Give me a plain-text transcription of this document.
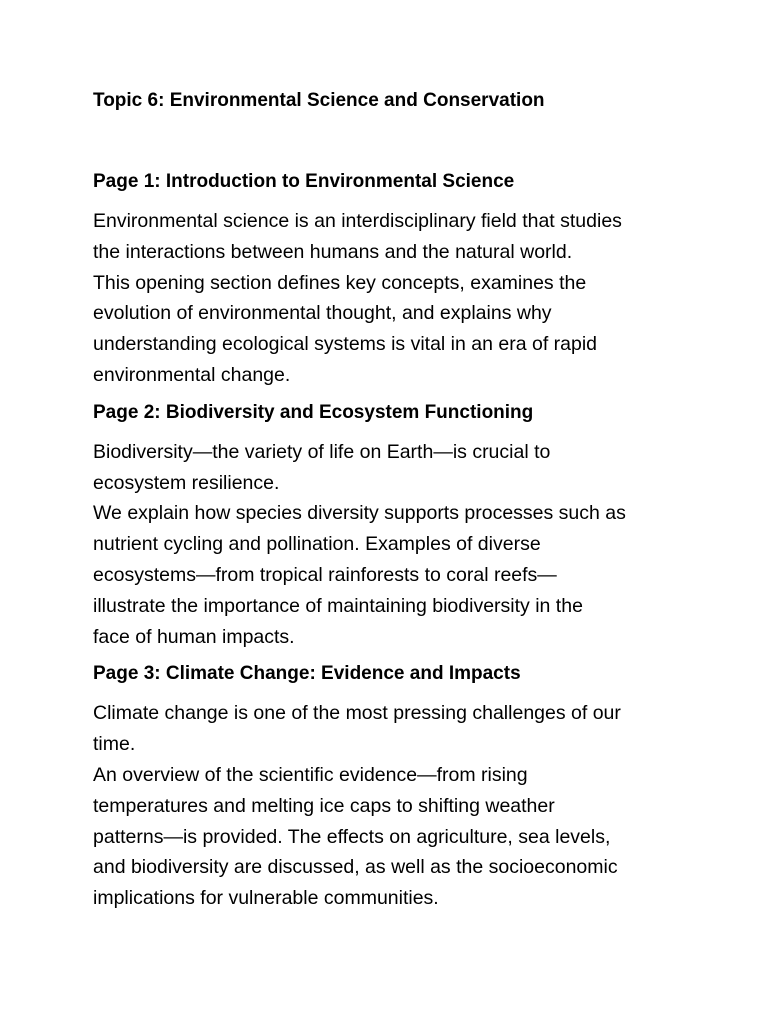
Topic 6: Environmental Science and Conservation
Page 1: Introduction to Environmental Science
Environmental science is an interdisciplinary field that studies
the interactions between humans and the natural world.
This opening section defines key concepts, examines the
evolution of environmental thought, and explains why
understanding ecological systems is vital in an era of rapid
environmental change.
Page 2: Biodiversity and Ecosystem Functioning
Biodiversity—the variety of life on Earth—is crucial to
ecosystem resilience.
We explain how species diversity supports processes such as
nutrient cycling and pollination. Examples of diverse
ecosystems—from tropical rainforests to coral reefs—
illustrate the importance of maintaining biodiversity in the
face of human impacts.
Page 3: Climate Change: Evidence and Impacts
Climate change is one of the most pressing challenges of our
time.
An overview of the scientific evidence—from rising
temperatures and melting ice caps to shifting weather
patterns—is provided. The effects on agriculture, sea levels,
and biodiversity are discussed, as well as the socioeconomic
implications for vulnerable communities.
